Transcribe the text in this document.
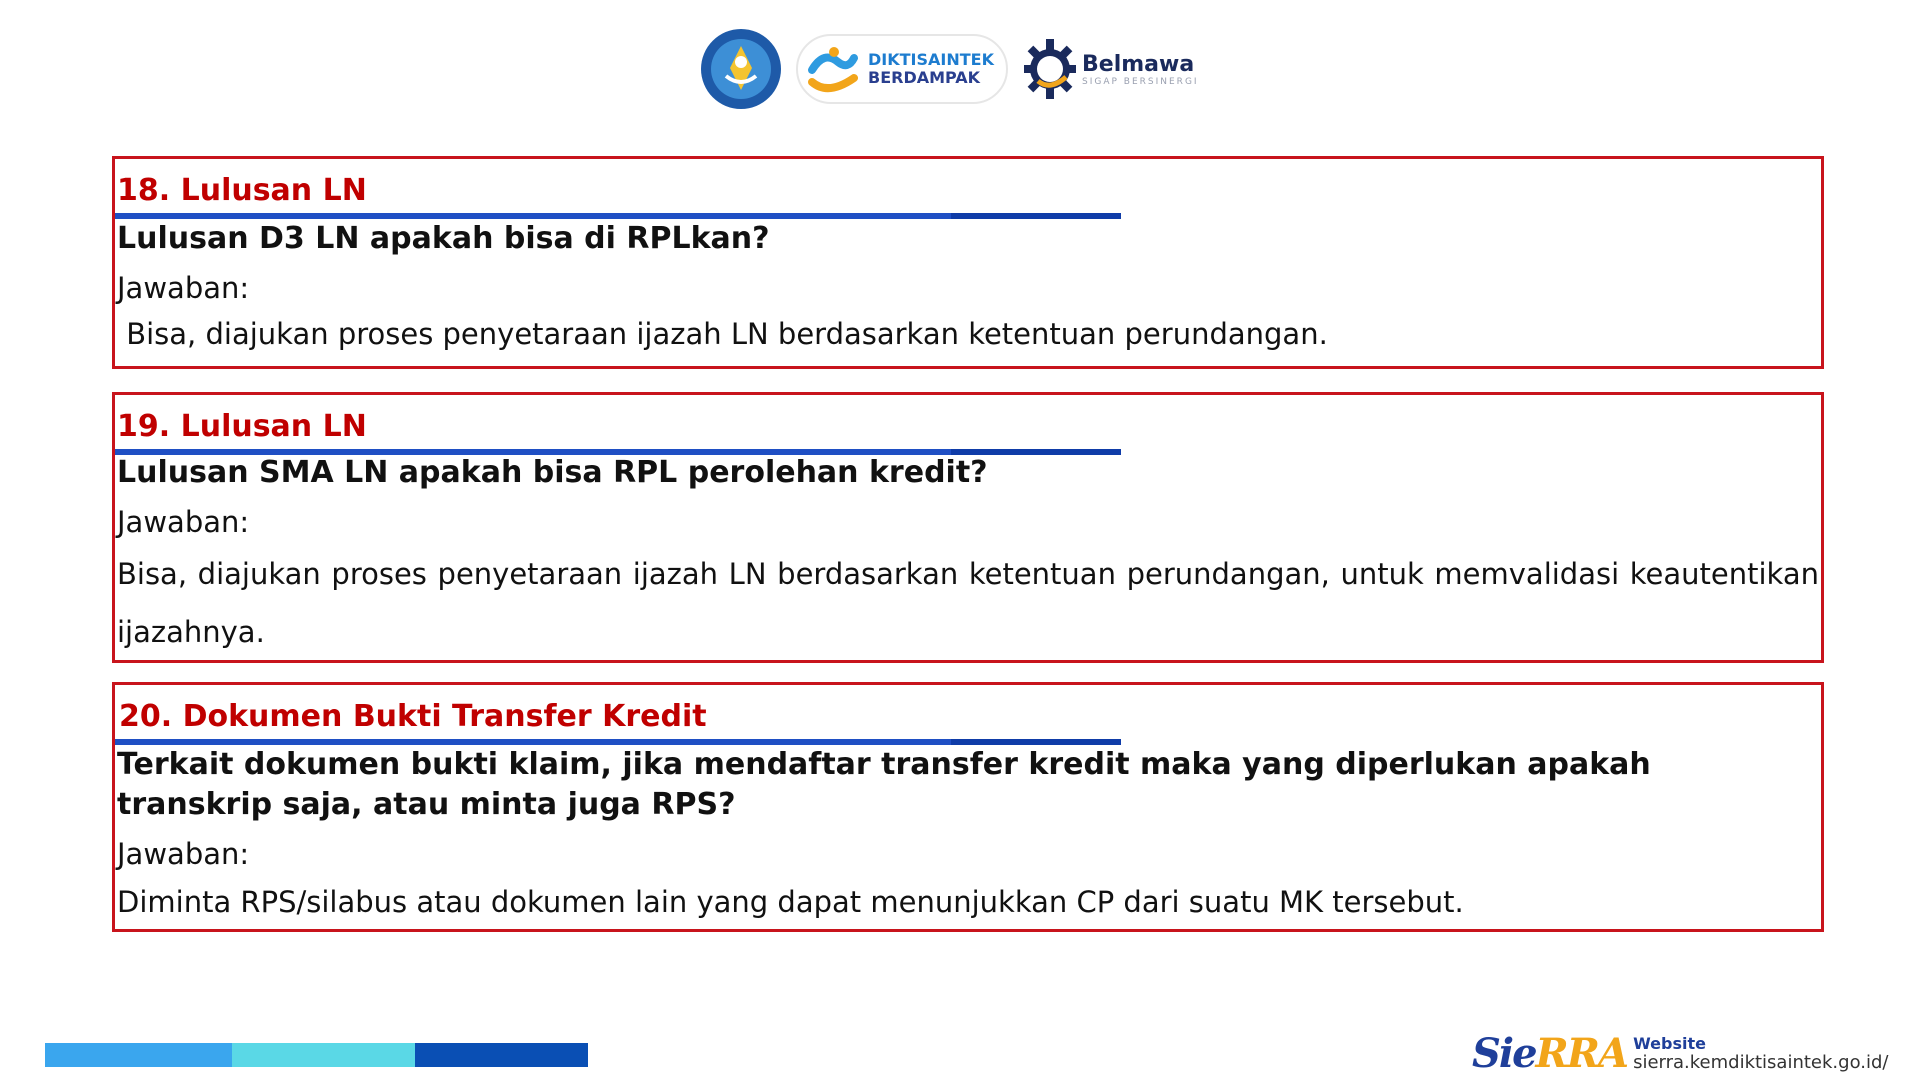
DIKTISAINTEK
BERDAMPAK
Belmawa
SIGAP BERSINERGI
18. Lulusan LN
Lulusan D3 LN apakah bisa di RPLkan?
Jawaban:
Bisa, diajukan proses penyetaraan ijazah LN berdasarkan ketentuan perundangan.
19. Lulusan LN
Lulusan SMA LN apakah bisa RPL perolehan kredit?
Jawaban:
Bisa, diajukan proses penyetaraan ijazah LN berdasarkan ketentuan perundangan, untuk memvalidasi keautentikan ijazahnya.
20. Dokumen Bukti Transfer Kredit
Terkait dokumen bukti klaim, jika mendaftar transfer kredit maka yang diperlukan apakah
transkrip saja, atau minta juga RPS?
Jawaban:
Diminta RPS/silabus atau dokumen lain yang dapat menunjukkan CP dari suatu MK tersebut.
SieRRA Website
sierra.kemdiktisaintek.go.id/
